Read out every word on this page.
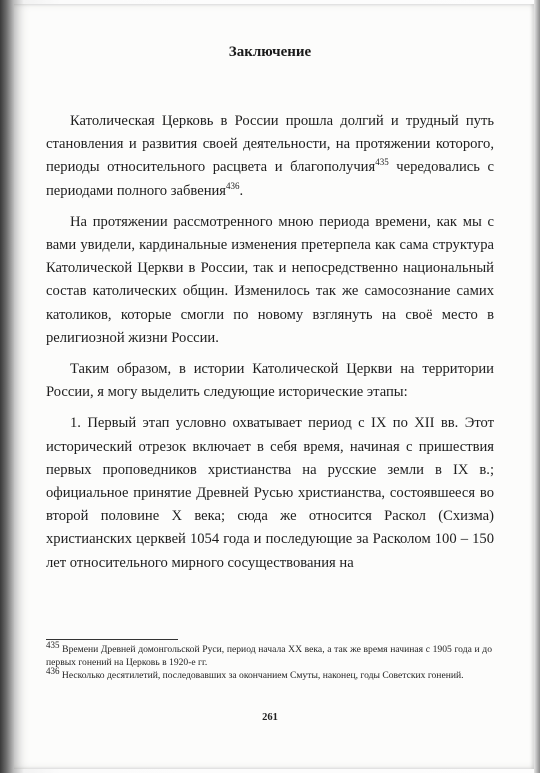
Заключение

Католическая Церковь в России прошла долгий и трудный путь становления и развития своей деятельности, на протяжении которого, периоды относительного расцвета и благополучия$^{435}$ чередовались с периодами полного забвения$^{436}$.

На протяжении рассмотренного мною периода времени, как мы с вами увидели, кардинальные изменения претерпела как сама структура Католической Церкви в России, так и непосредственно национальный состав католических общин. Изменилось так же самосознание самих католиков, которые смогли по новому взглянуть на своё место в религиозной жизни России.

Таким образом, в истории Католической Церкви на территории России, я могу выделить следующие исторические этапы:

1. Первый этап условно охватывает период с IX по XII вв. Этот исторический отрезок включает в себя время, начиная с пришествия первых проповедников христианства на русские земли в IX в.; официальное принятие Древней Русью христианства, состоявшееся во второй половине X века; сюда же относится Раскол (Схизма) христианских церквей 1054 года и последующие за Расколом 100 – 150 лет относительного мирного сосуществования на

$^{435}$ Времени Древней домонгольской Руси, период начала XX века, а так же время начиная с 1905 года и до первых гонений на Церковь в 1920-е гг.

$^{436}$ Несколько десятилетий, последовавших за окончанием Смуты, наконец, годы Советских гонений.

261
